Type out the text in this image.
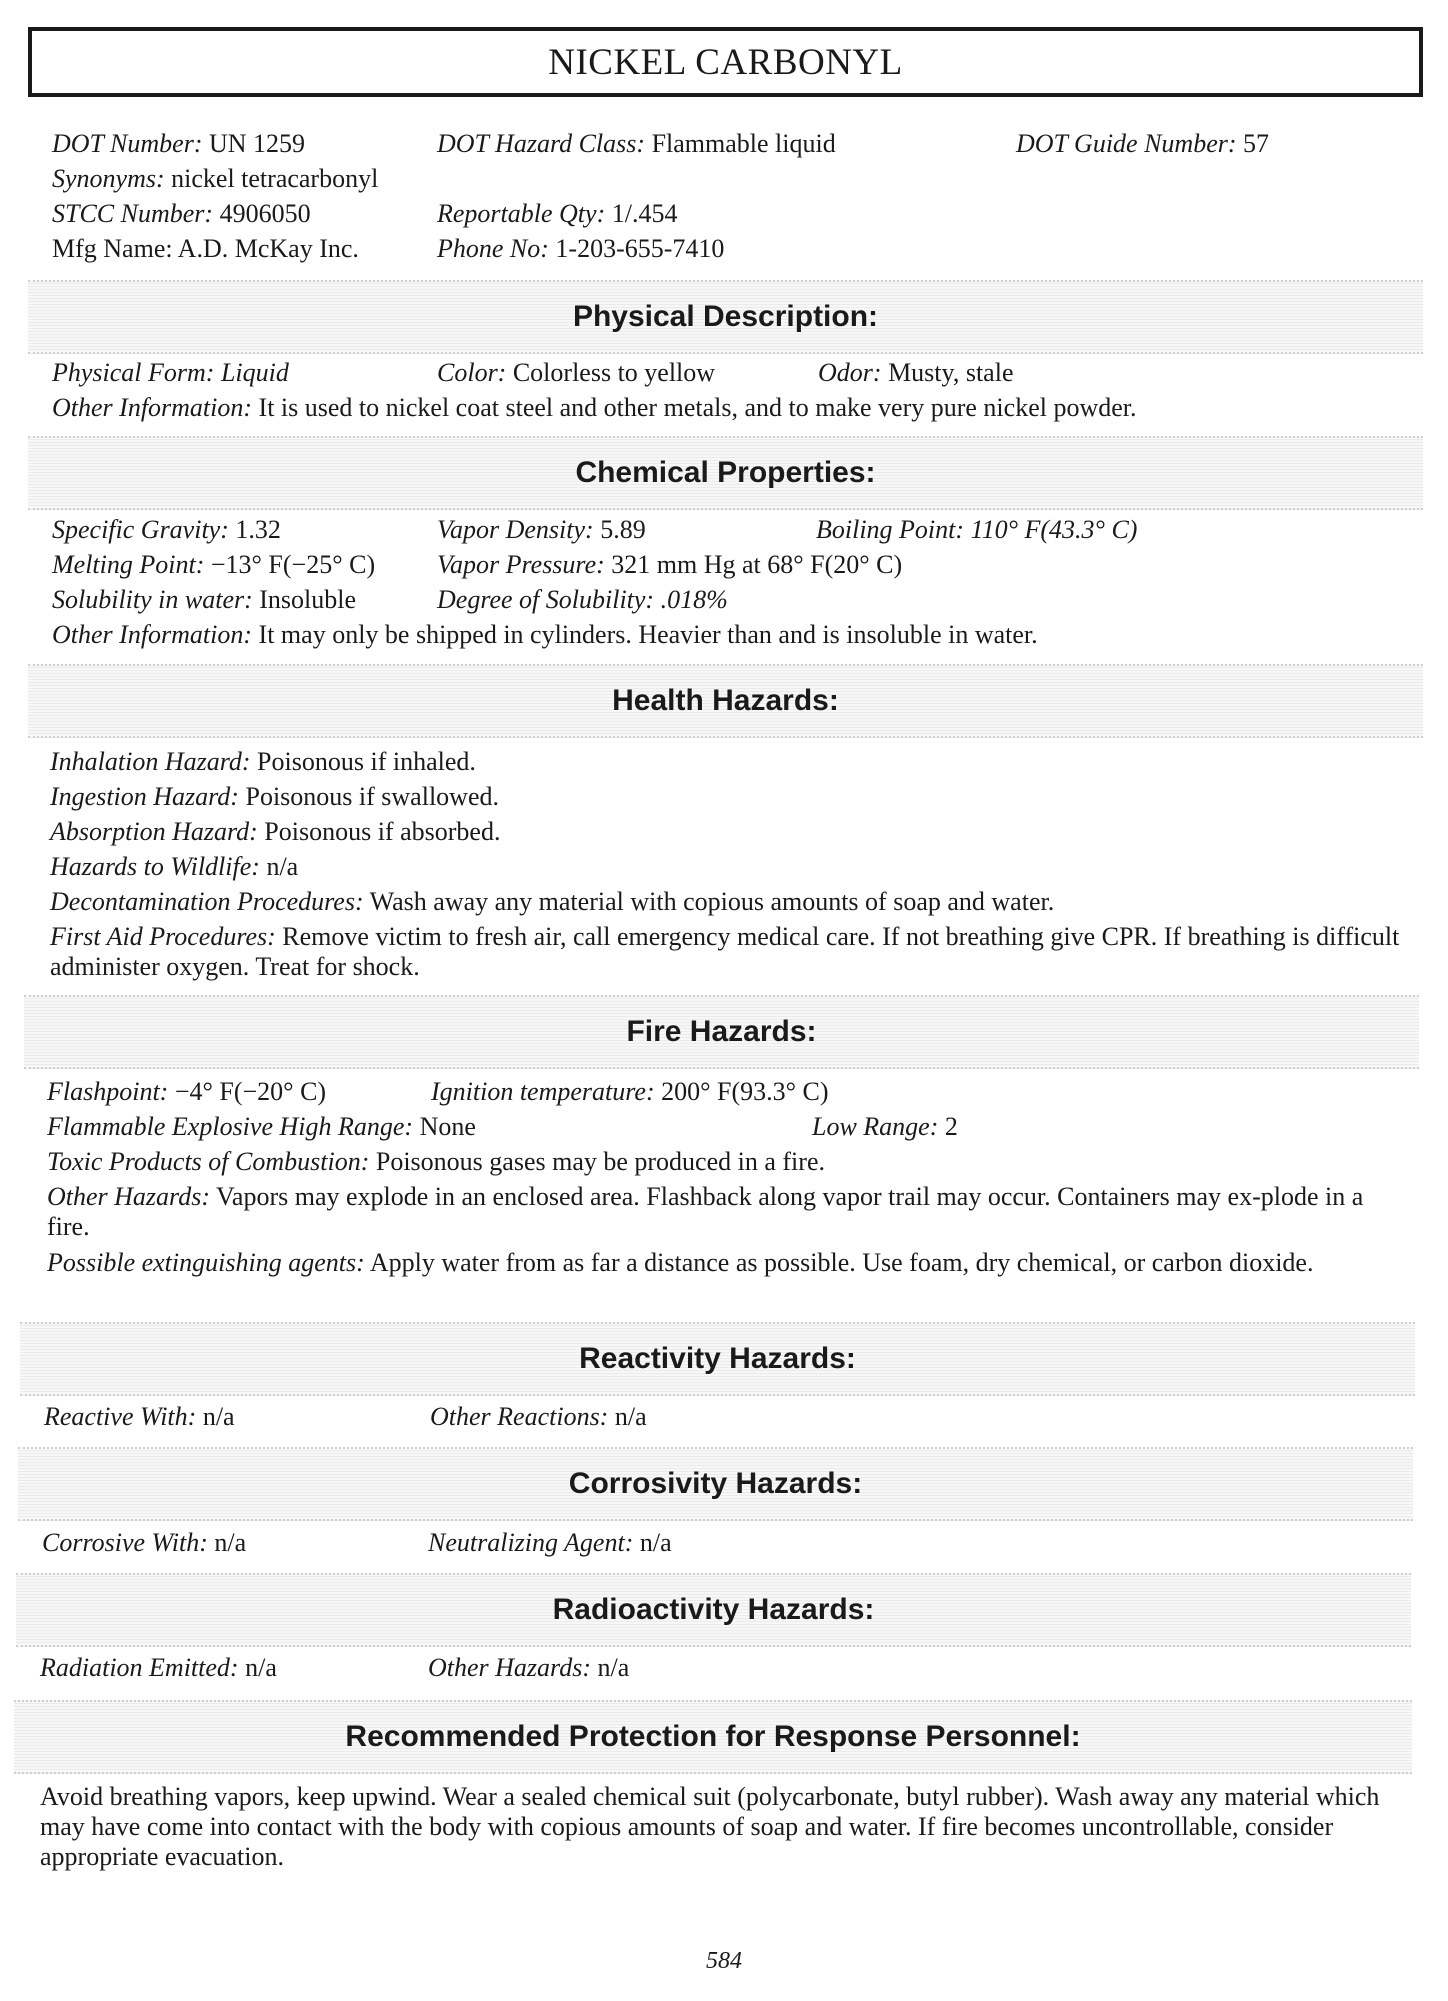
NICKEL CARBONYL
DOT Number: UN 1259	DOT Hazard Class: Flammable liquid	DOT Guide Number: 57
Synonyms: nickel tetracarbonyl
STCC Number: 4906050	Reportable Qty: 1/.454
Mfg Name: A.D. McKay Inc.	Phone No: 1-203-655-7410
Physical Description:
Physical Form: Liquid	Color: Colorless to yellow	Odor: Musty, stale
Other Information: It is used to nickel coat steel and other metals, and to make very pure nickel powder.
Chemical Properties:
Specific Gravity: 1.32	Vapor Density: 5.89	Boiling Point: 110° F(43.3° C)
Melting Point: −13° F(−25° C) Vapor Pressure: 321 mm Hg at 68° F(20° C)
Solubility in water: Insoluble	Degree of Solubility: .018%
Other Information: It may only be shipped in cylinders. Heavier than and is insoluble in water.
Health Hazards:
Inhalation Hazard: Poisonous if inhaled.
Ingestion Hazard: Poisonous if swallowed.
Absorption Hazard: Poisonous if absorbed.
Hazards to Wildlife: n/a
Decontamination Procedures: Wash away any material with copious amounts of soap and water.
First Aid Procedures: Remove victim to fresh air, call emergency medical care. If not breathing give CPR. If breathing is difficult administer oxygen. Treat for shock.
Fire Hazards:
Flashpoint: −4° F(−20° C)	Ignition temperature: 200° F(93.3° C)
Flammable Explosive High Range: None	Low Range: 2
Toxic Products of Combustion: Poisonous gases may be produced in a fire.
Other Hazards: Vapors may explode in an enclosed area. Flashback along vapor trail may occur. Containers may ex-plode in a fire.
Possible extinguishing agents: Apply water from as far a distance as possible. Use foam, dry chemical, or carbon dioxide.
Reactivity Hazards:
Reactive With: n/a	Other Reactions: n/a
Corrosivity Hazards:
Corrosive With: n/a	Neutralizing Agent: n/a
Radioactivity Hazards:
Radiation Emitted: n/a	Other Hazards: n/a
Recommended Protection for Response Personnel:
Avoid breathing vapors, keep upwind. Wear a sealed chemical suit (polycarbonate, butyl rubber). Wash away any material which may have come into contact with the body with copious amounts of soap and water. If fire becomes uncontrollable, consider appropriate evacuation.
584
